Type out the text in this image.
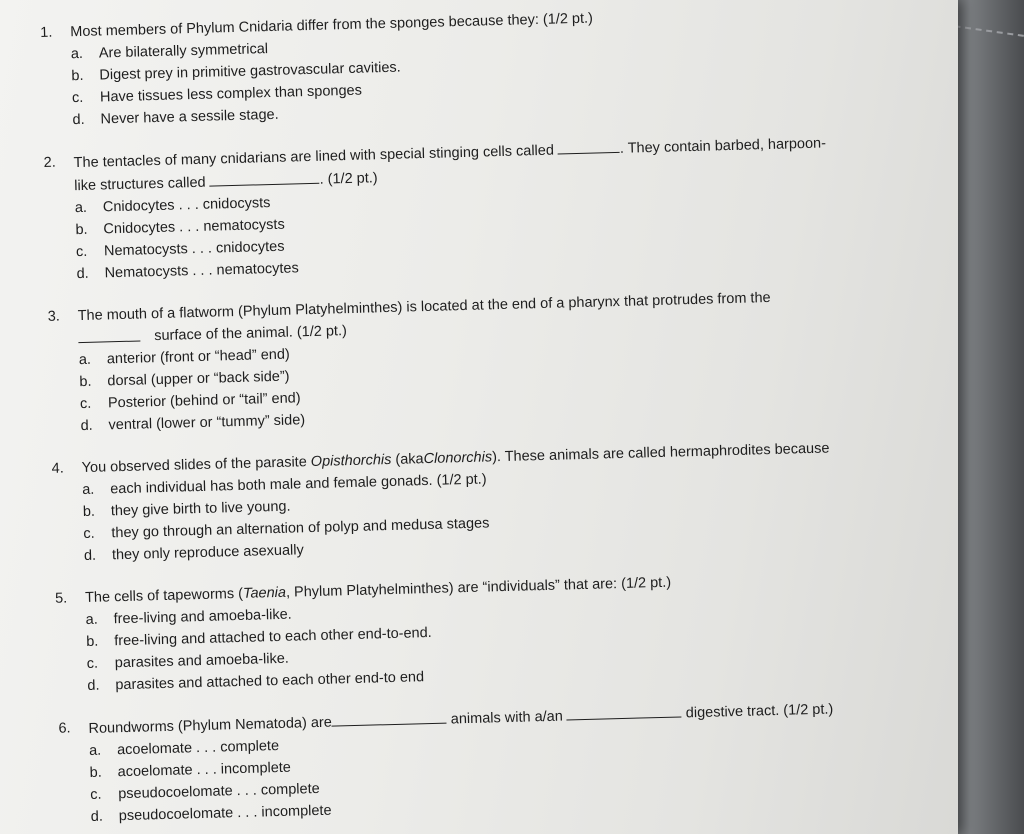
1.	Most members of Phylum Cnidaria differ from the sponges because they: (1/2 pt.)
a.	Are bilaterally symmetrical
b.	Digest prey in primitive gastrovascular cavities.
c.	Have tissues less complex than sponges
d.	Never have a sessile stage.
2.	The tentacles of many cnidarians are lined with special stinging cells called	. They contain barbed, harpoon-
like structures called	. (1/2 pt.)
a.	Cnidocytes . . . cnidocysts
b.	Cnidocytes . . . nematocysts
c.	Nematocysts . . . cnidocytes
d.	Nematocysts . . . nematocytes
3.	The mouth of a flatworm (Phylum Platyhelminthes) is located at the end of a pharynx that protrudes from the
surface of the animal. (1/2 pt.)
a.	anterior (front or “head” end)
b.	dorsal (upper or “back side”)
c.	Posterior (behind or “tail” end)
d.	ventral (lower or “tummy” side)
4.	You observed slides of the parasite Opisthorchis (akaClonorchis). These animals are called hermaphrodites because
a.	each individual has both male and female gonads. (1/2 pt.)
b.	they give birth to live young.
c.	they go through an alternation of polyp and medusa stages
d.	they only reproduce asexually
5.	The cells of tapeworms (Taenia, Phylum Platyhelminthes) are “individuals” that are: (1/2 pt.)
a.	free-living and amoeba-like.
b.	free-living and attached to each other end-to-end.
c.	parasites and amoeba-like.
d.	parasites and attached to each other end-to end
6.	Roundworms (Phylum Nematoda) are	animals with a/an	digestive tract. (1/2 pt.)
a.	acoelomate . . . complete
b.	acoelomate . . . incomplete
c.	pseudocoelomate . . . complete
d.	pseudocoelomate . . . incomplete
